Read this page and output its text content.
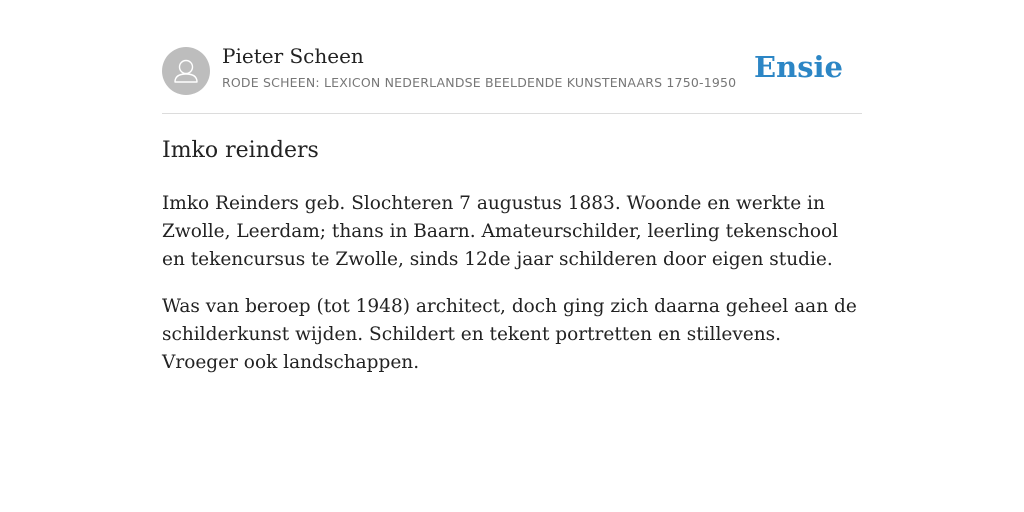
Pieter Scheen
RODE SCHEEN: LEXICON NEDERLANDSE BEELDENDE KUNSTENAARS 1750-1950 Ensie
Imko reinders

Imko Reinders geb. Slochteren 7 augustus 1883. Woonde en werkte in Zwolle, Leerdam; thans in Baarn. Amateurschilder, leerling tekenschool en tekencursus te Zwolle, sinds 12de jaar schilderen door eigen studie.

Was van beroep (tot 1948) architect, doch ging zich daarna geheel aan de schilderkunst wijden. Schildert en tekent portretten en stillevens. Vroeger ook landschappen.
